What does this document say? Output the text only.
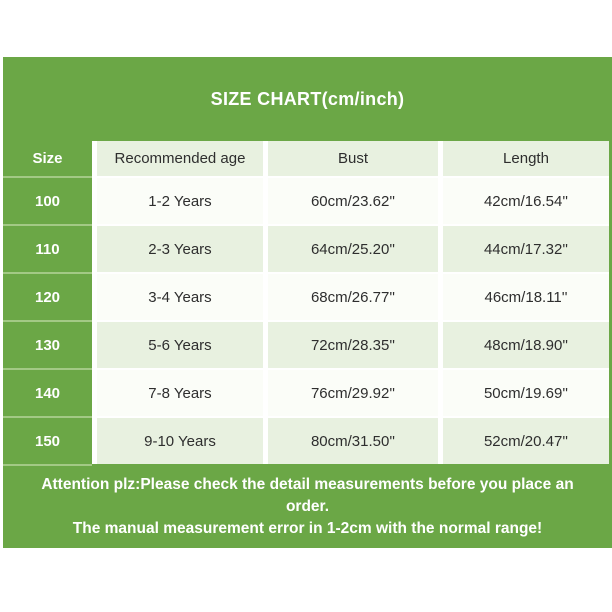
SIZE CHART(cm/inch)
Size	Recommended age	Bust	Length
100	1-2 Years	60cm/23.62''	42cm/16.54''
110	2-3 Years	64cm/25.20''	44cm/17.32''
120	3-4 Years	68cm/26.77''	46cm/18.11''
130	5-6 Years	72cm/28.35''	48cm/18.90''
140	7-8 Years	76cm/29.92''	50cm/19.69''
150	9-10 Years	80cm/31.50''	52cm/20.47''
Attention plz:Please check the detail measurements before you place an
order.
The manual measurement error in 1-2cm with the normal range!
